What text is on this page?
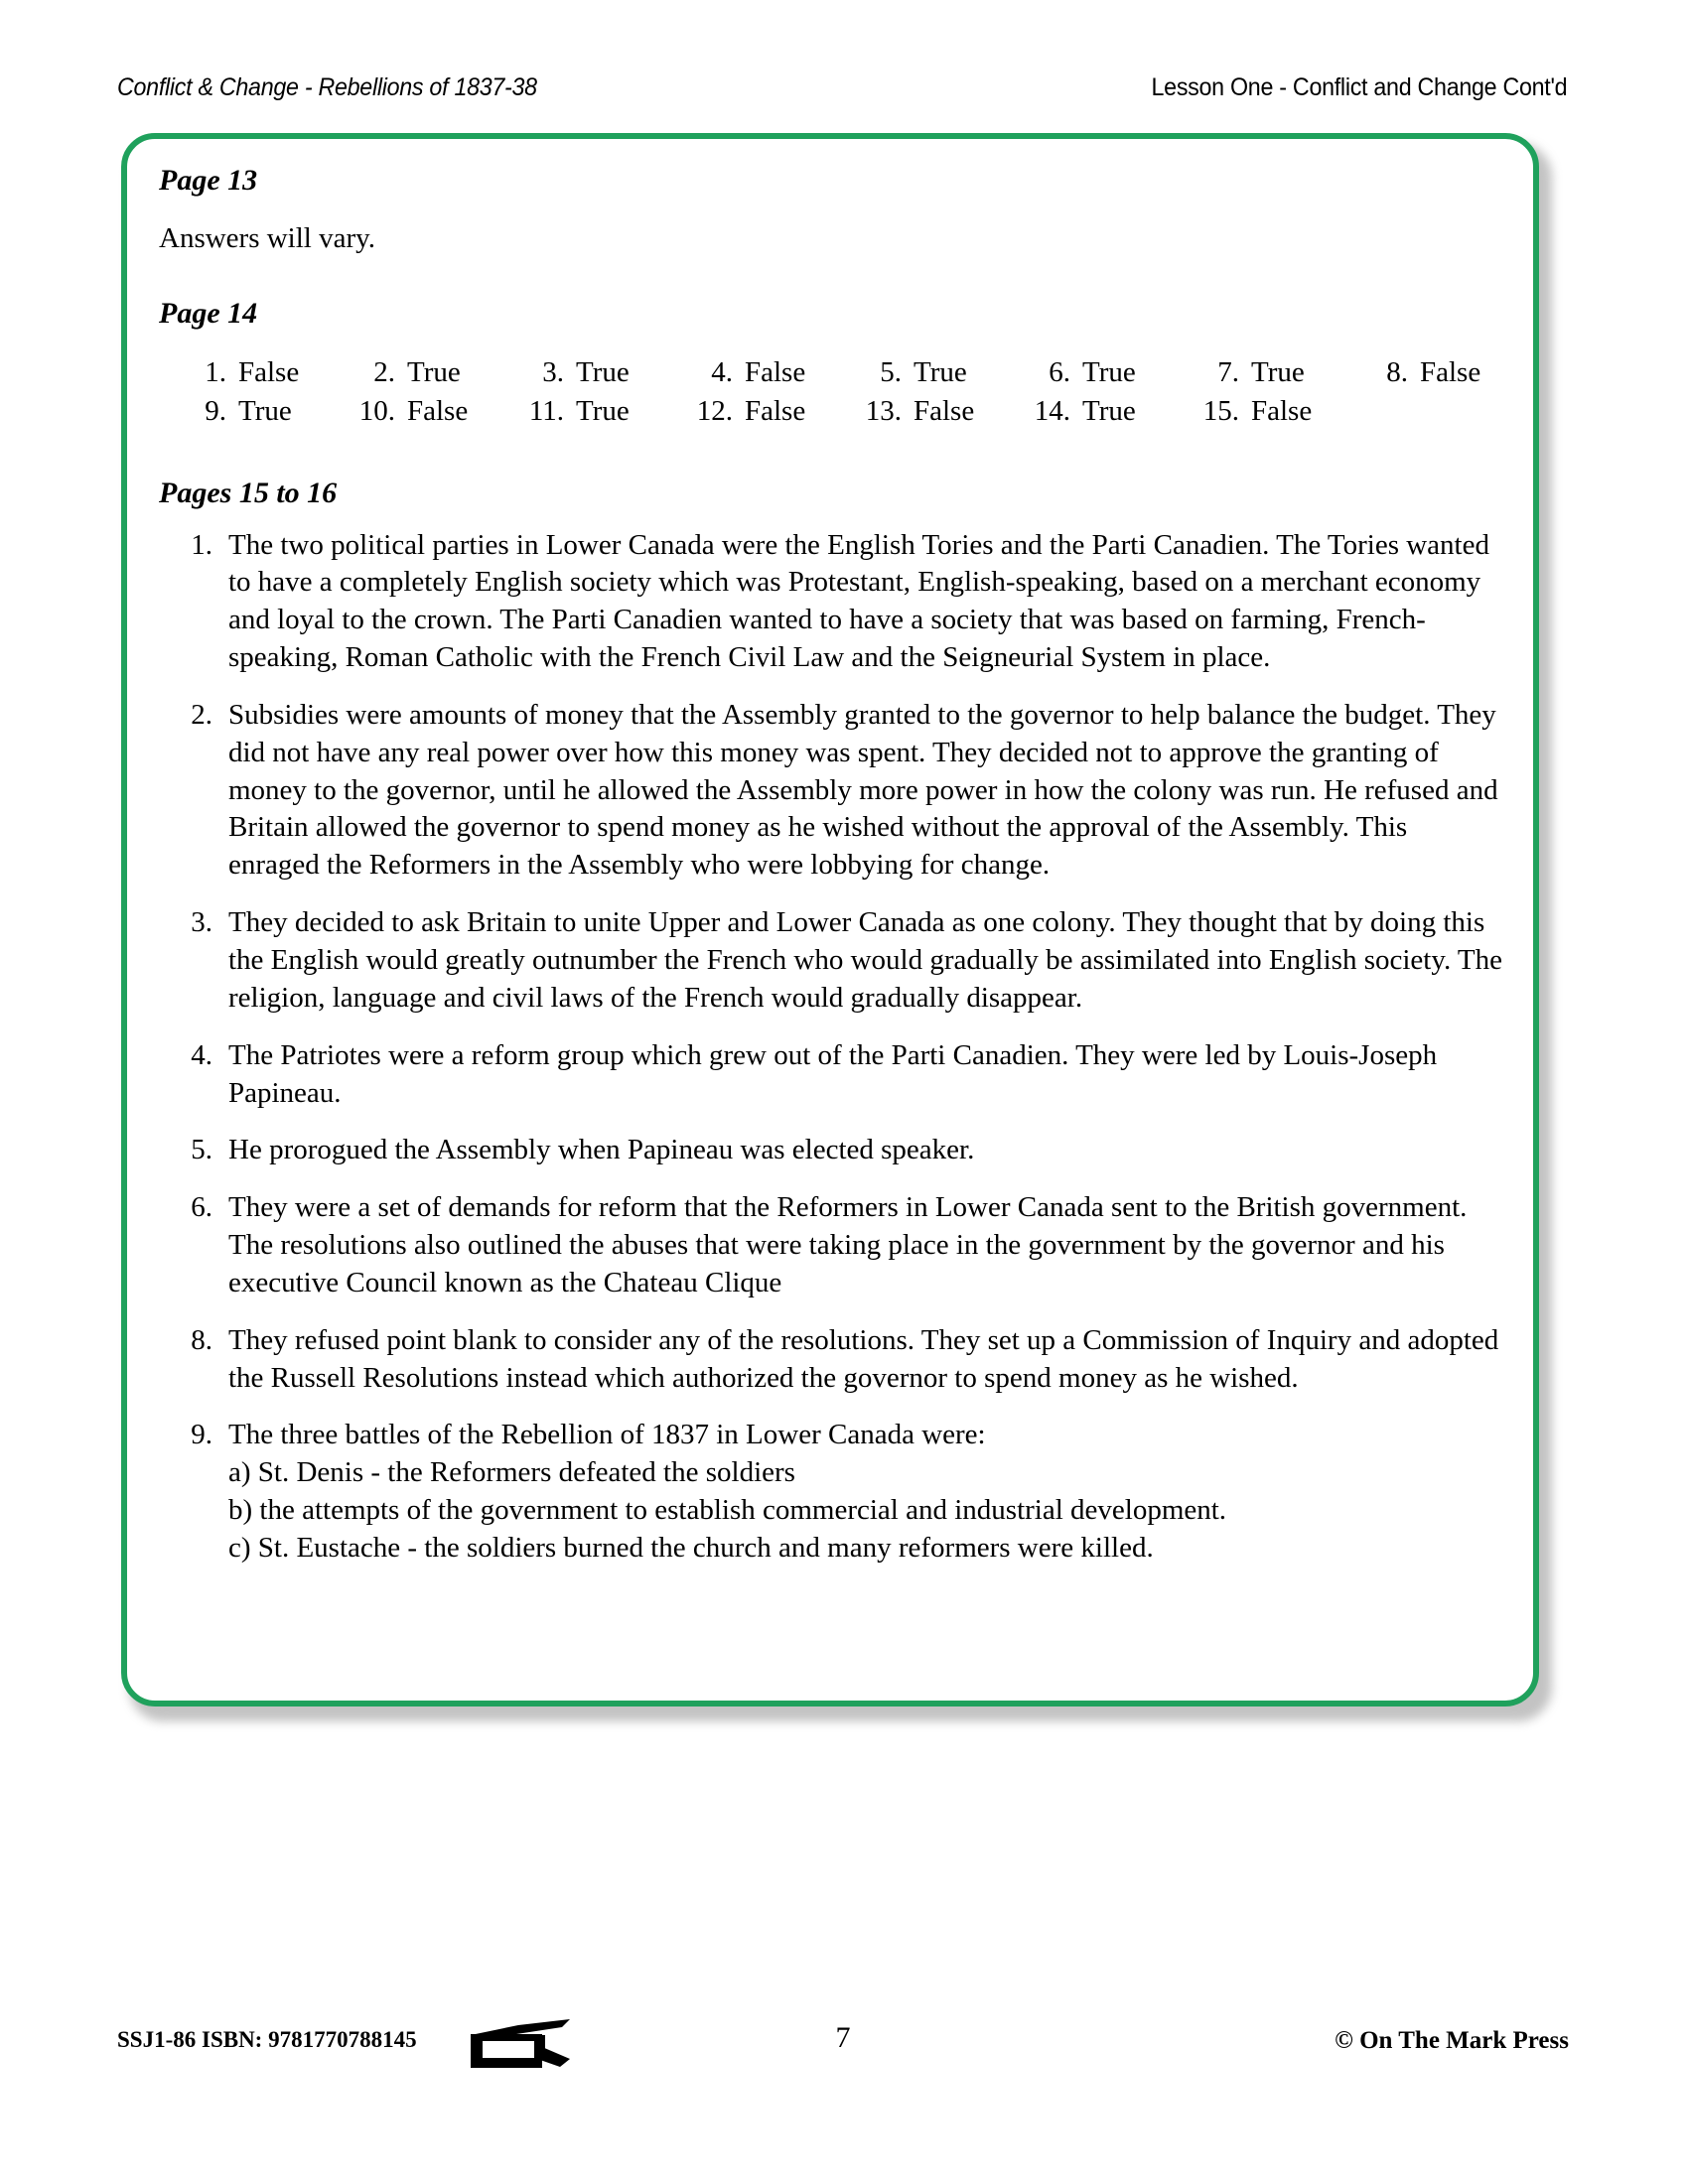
Conflict & Change - Rebellions of 1837-38	Lesson One - Conflict and Change Cont'd
Page 13
Answers will vary.
Page 14
1. False	2. True	3. True	4. False	5. True	6. True	7. True	8. False
9. True	10. False	11. True	12. False	13. False	14. True	15. False
Pages 15 to 16
1. The two political parties in Lower Canada were the English Tories and the Parti Canadien. The Tories wanted to have a completely English society which was Protestant, English-speaking, based on a merchant economy and loyal to the crown. The Parti Canadien wanted to have a society that was based on farming, French-speaking, Roman Catholic with the French Civil Law and the Seigneurial System in place.
2. Subsidies were amounts of money that the Assembly granted to the governor to help balance the budget. They did not have any real power over how this money was spent. They decided not to approve the granting of money to the governor, until he allowed the Assembly more power in how the colony was run. He refused and Britain allowed the governor to spend money as he wished without the approval of the Assembly. This enraged the Reformers in the Assembly who were lobbying for change.
3. They decided to ask Britain to unite Upper and Lower Canada as one colony. They thought that by doing this the English would greatly outnumber the French who would gradually be assimilated into English society. The religion, language and civil laws of the French would gradually disappear.
4. The Patriotes were a reform group which grew out of the Parti Canadien. They were led by Louis-Joseph Papineau.
5. He prorogued the Assembly when Papineau was elected speaker.
6. They were a set of demands for reform that the Reformers in Lower Canada sent to the British government. The resolutions also outlined the abuses that were taking place in the government by the governor and his executive Council known as the Chateau Clique
8. They refused point blank to consider any of the resolutions. They set up a Commission of Inquiry and adopted the Russell Resolutions instead which authorized the governor to spend money as he wished.
9. The three battles of the Rebellion of 1837 in Lower Canada were:
a) St. Denis - the Reformers defeated the soldiers
b) the attempts of the government to establish commercial and industrial development.
c) St. Eustache - the soldiers burned the church and many reformers were killed.
SSJ1-86 ISBN: 9781770788145	7	© On The Mark Press
